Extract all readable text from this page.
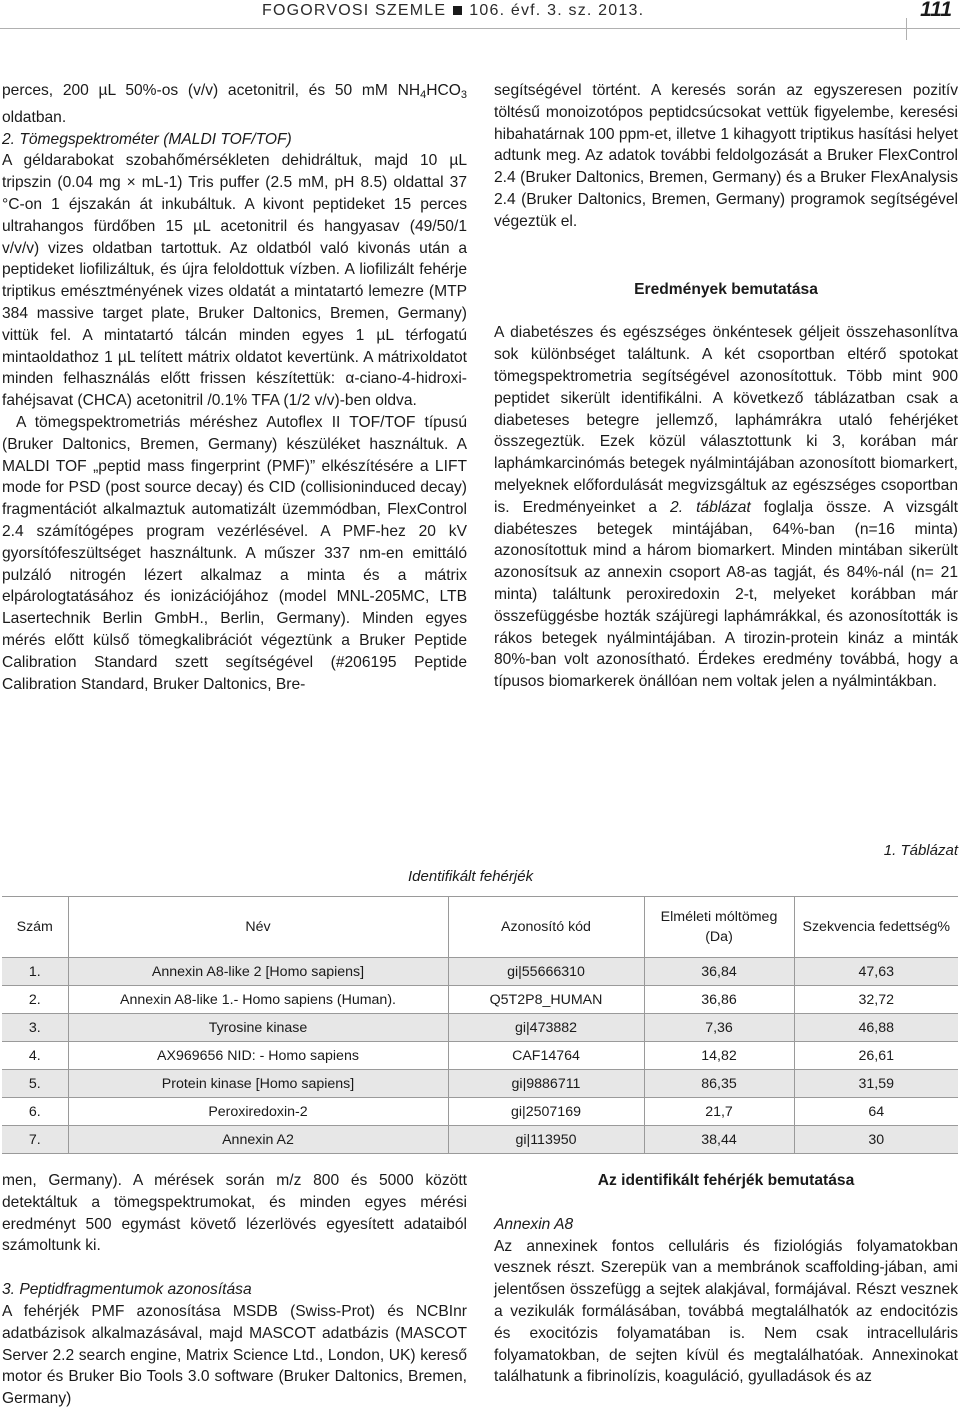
FOGORVOSI SZEMLE 106. évf. 3. sz. 2013.	111

perces, 200 µL 50%-os (v/v) acetonitril, és 50 mM $NH_4HCO_3$ oldatban.

2. Tömegspektrométer (MALDI TOF/TOF)

A géldarabokat szobahőmérsékleten dehidráltuk, majd 10 µL tripszin (0.04 mg × mL-1) Tris puffer (2.5 mM, pH 8.5) oldattal 37 °C-on 1 éjszakán át inkubáltuk. A kivont peptideket 15 perces ultrahangos fürdőben 15 µL acetonitril és hangyasav (49/50/1 v/v/v) vizes oldatban tartottuk. Az oldatból való kivonás után a peptideket liofilizáltuk, és újra feloldottuk vízben. A liofilizált fehérje triptikus emésztményének vizes oldatát a mintatartó lemezre (MTP 384 massive target plate, Bruker Daltonics, Bremen, Germany) vittük fel. A mintatartó tálcán minden egyes 1 µL térfogatú mintaoldathoz 1 µL telített mátrix oldatot kevertünk. A mátrixoldatot minden felhasználás előtt frissen készítettük: α-ciano-4-hidroxi-fahéjsavat (CHCA) acetonitril /0.1% TFA (1/2 v/v)-ben oldva.

A tömegspektrometriás méréshez Autoflex II TOF/TOF típusú (Bruker Daltonics, Bremen, Germany) készüléket használtuk. A MALDI TOF „peptid mass fingerprint (PMF)” elkészítésére a LIFT mode for PSD (post source decay) és CID (collisioninduced decay) fragmentációt alkalmaztuk automatizált üzemmódban, FlexControl 2.4 számítógépes program vezérlésével. A PMF-hez 20 kV gyorsítófeszültséget használtunk. A műszer 337 nm-en emittáló pulzáló nitrogén lézert alkalmaz a minta és a mátrix elpárologtatásához és ionizációjához (model MNL-205MC, LTB Lasertechnik Berlin GmbH., Berlin, Germany). Minden egyes mérés előtt külső tömegkalibrációt végeztünk a Bruker Peptide Calibration Standard szett segítségével (#206195 Peptide Calibration Standard, Bruker Daltonics, Bre-

segítségével történt. A keresés során az egyszeresen pozitív töltésű monoizotópos peptidcsúcsokat vettük figyelembe, keresési hibahatárnak 100 ppm-et, illetve 1 kihagyott triptikus hasítási helyet adtunk meg. Az adatok további feldolgozását a Bruker FlexControl 2.4 (Bruker Daltonics, Bremen, Germany) és a Bruker FlexAnalysis 2.4 (Bruker Daltonics, Bremen, Germany) programok segítségével végeztük el.

Eredmények bemutatása

A diabetészes és egészséges önkéntesek géljeit összehasonlítva sok különbséget találtunk. A két csoportban eltérő spotokat tömegspektrometria segítségével azonosítottuk. Több mint 900 peptidet sikerült identifikálni. A következő táblázatban csak a diabeteses betegre jellemző, laphámrákra utaló fehérjéket összegeztük. Ezek közül választottunk ki 3, korában már laphámkarcinómás betegek nyálmintájában azonosított biomarkert, melyeknek előfordulását megvizsgáltuk az egészséges csoportban is. Eredményeinket a 2. táblázat foglalja össze. A vizsgált diabéteszes betegek mintájában, 64%-ban (n=16 minta) azonosítottuk mind a három biomarkert. Minden mintában sikerült azonosítsuk az annexin csoport A8-as tagját, és 84%-nál (n= 21 minta) találtunk peroxiredoxin 2-t, melyeket korábban már összefüggésbe hozták szájüregi laphámrákkal, és azonosították is rákos betegek nyálmintájában. A tirozin-protein kináz a minták 80%-ban volt azonosítható. Érdekes eredmény továbbá, hogy a típusos biomarkerek önállóan nem voltak jelen a nyálmintákban.

1. Táblázat
Identifikált fehérjék
Szám	Név	Azonosító kód	Elméleti móltömeg (Da)	Szekvencia fedettség%
1.	Annexin A8-like 2 [Homo sapiens]	gi|55666310	36,84	47,63
2.	Annexin A8-like 1.- Homo sapiens (Human).	Q5T2P8_HUMAN	36,86	32,72
3.	Tyrosine kinase	gi|473882	7,36	46,88
4.	AX969656 NID: - Homo sapiens	CAF14764	14,82	26,61
5.	Protein kinase [Homo sapiens]	gi|9886711	86,35	31,59
6.	Peroxiredoxin-2	gi|2507169	21,7	64
7.	Annexin A2	gi|113950	38,44	30

men, Germany). A mérések során m/z 800 és 5000 között detektáltuk a tömegspektrumokat, és minden egyes mérési eredményt 500 egymást követő lézerlövés egyesített adataiból számoltunk ki.

3. Peptidfragmentumok azonosítása

A fehérjék PMF azonosítása MSDB (Swiss-Prot) és NCBInr adatbázisok alkalmazásával, majd MASCOT adatbázis (MASCOT Server 2.2 search engine, Matrix Science Ltd., London, UK) kereső motor és Bruker Bio Tools 3.0 software (Bruker Daltonics, Bremen, Germany)

Az identifikált fehérjék bemutatása

Annexin A8

Az annexinek fontos celluláris és fiziológiás folyamatokban vesznek részt. Szerepük van a membránok scaffolding-jában, ami jelentősen összefügg a sejtek alakjával, formájával. Részt vesznek a vezikulák formálásában, továbbá megtalálhatók az endocitózis és exocitózis folyamatában is. Nem csak intracelluláris folyamatokban, de sejten kívül és megtalálhatóak. Annexinokat találhatunk a fibrinolízis, koaguláció, gyulladások és az
